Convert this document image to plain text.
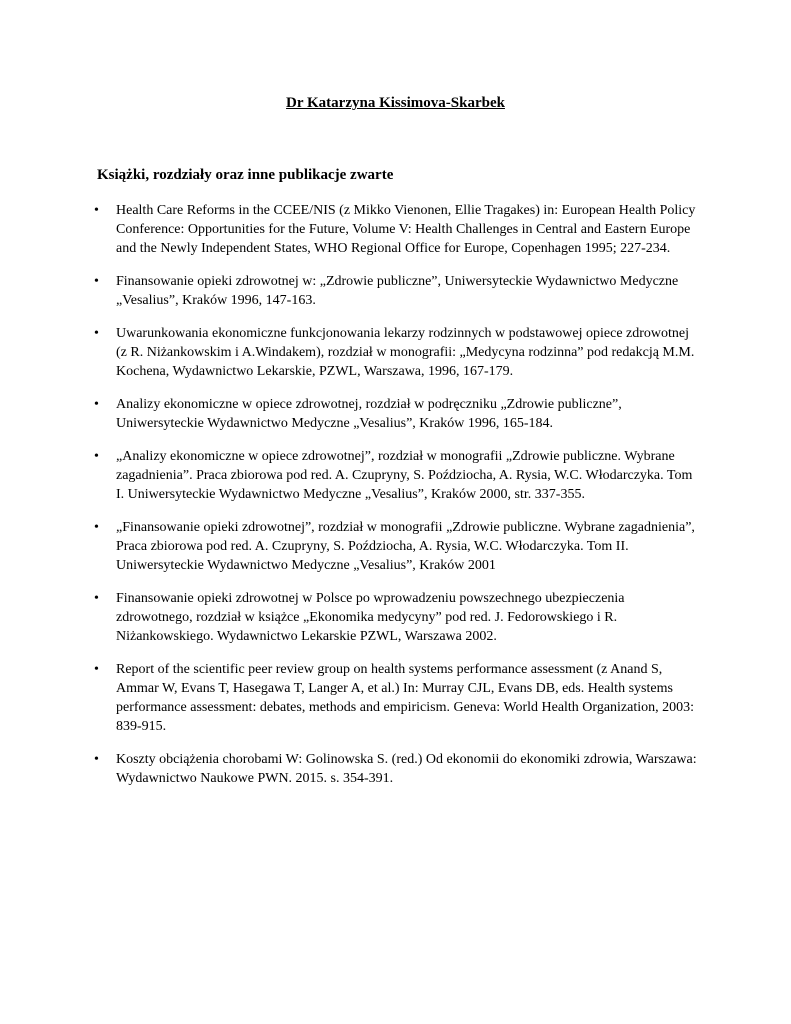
Dr Katarzyna Kissimova-Skarbek
Książki, rozdziały oraz inne publikacje zwarte
• Health Care Reforms in the CCEE/NIS (z Mikko Vienonen, Ellie Tragakes) in: European Health Policy Conference: Opportunities for the Future, Volume V: Health Challenges in Central and Eastern Europe and the Newly Independent States, WHO Regional Office for Europe, Copenhagen 1995; 227-234.
• Finansowanie opieki zdrowotnej w: „Zdrowie publiczne”, Uniwersyteckie Wydawnictwo Medyczne „Vesalius”, Kraków 1996, 147-163.
• Uwarunkowania ekonomiczne funkcjonowania lekarzy rodzinnych w podstawowej opiece zdrowotnej (z R. Niżankowskim i A.Windakem), rozdział w monografii: „Medycyna rodzinna” pod redakcją M.M. Kochena, Wydawnictwo Lekarskie, PZWL, Warszawa, 1996, 167-179.
• Analizy ekonomiczne w opiece zdrowotnej, rozdział w podręczniku „Zdrowie publiczne”, Uniwersyteckie Wydawnictwo Medyczne „Vesalius”, Kraków 1996, 165-184.
• „Analizy ekonomiczne w opiece zdrowotnej”, rozdział w monografii „Zdrowie publiczne. Wybrane zagadnienia”. Praca zbiorowa pod red. A. Czupryny, S. Poździocha, A. Rysia, W.C. Włodarczyka. Tom I. Uniwersyteckie Wydawnictwo Medyczne „Vesalius”, Kraków 2000, str. 337-355.
• „Finansowanie opieki zdrowotnej”, rozdział w monografii „Zdrowie publiczne. Wybrane zagadnienia”, Praca zbiorowa pod red. A. Czupryny, S. Poździocha, A. Rysia, W.C. Włodarczyka. Tom II. Uniwersyteckie Wydawnictwo Medyczne „Vesalius”, Kraków 2001
• Finansowanie opieki zdrowotnej w Polsce po wprowadzeniu powszechnego ubezpieczenia zdrowotnego, rozdział w książce „Ekonomika medycyny” pod red. J. Fedorowskiego i R. Niżankowskiego. Wydawnictwo Lekarskie PZWL, Warszawa 2002.
• Report of the scientific peer review group on health systems performance assessment (z Anand S, Ammar W, Evans T, Hasegawa T, Langer A, et al.) In: Murray CJL, Evans DB, eds. Health systems performance assessment: debates, methods and empiricism. Geneva: World Health Organization, 2003: 839-915.
• Koszty obciążenia chorobami W: Golinowska S. (red.) Od ekonomii do ekonomiki zdrowia, Warszawa: Wydawnictwo Naukowe PWN. 2015. s. 354-391.
